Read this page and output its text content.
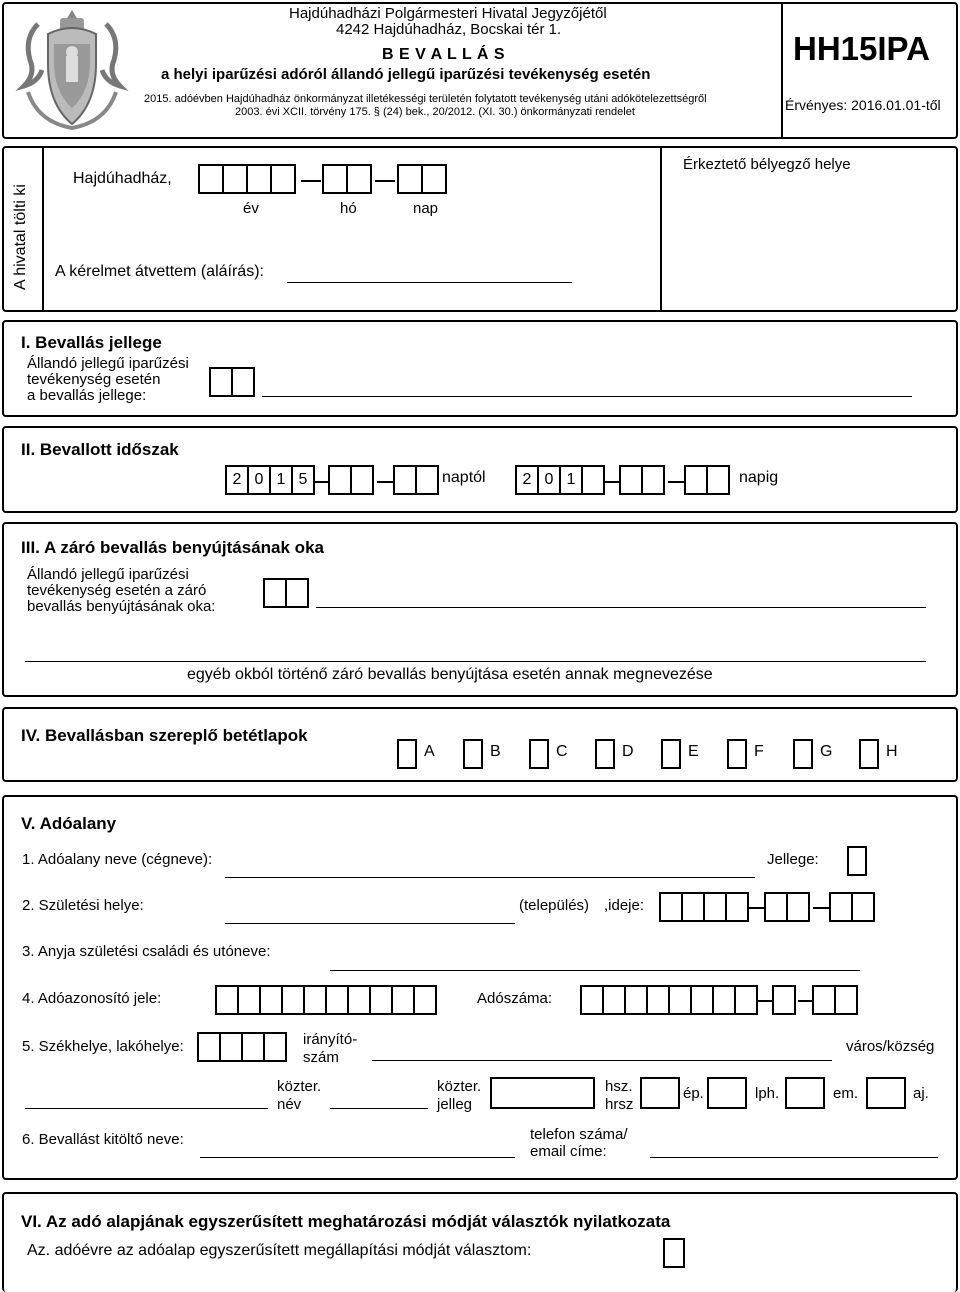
Hajdúhadházi Polgármesteri Hivatal Jegyzőjétől
4242 Hajdúhadház, Bocskai tér 1.
B E V A L L Á S
a helyi iparűzési adóról állandó jellegű iparűzési tevékenység esetén
2015. adóévben Hajdúhadház önkormányzat illetékességi területén folytatott tevékenység utáni adókötelezettségről
2003. évi XCII. törvény 175. § (24) bek., 20/2012. (XI. 30.) önkormányzati rendelet
HH15IPA
Érvényes: 2016.01.01-től
A hivatal tölti ki
Hajdúhadház,
év	hó	nap
A kérelmet átvettem (aláírás):
Érkeztető bélyegző helye
I. Bevallás jellege
Állandó jellegű iparűzési
tevékenység esetén
a bevallás jellege:
II. Bevallott időszak
2 0 1 5	naptól	2 0 1	napig
III. A záró bevallás benyújtásának oka
Állandó jellegű iparűzési
tevékenység esetén a záró
bevallás benyújtásának oka:
egyéb okból történő záró bevallás benyújtása esetén annak megnevezése
IV. Bevallásban szereplő betétlapok
A	B	C	D	E	F	G	H
V. Adóalany
1. Adóalany neve (cégneve):	Jellege:
2. Születési helye:	(település) ,ideje:
3. Anyja születési családi és utóneve:
4. Adóazonosító jele:	Adószáma:
5. Székhelye, lakóhelye:	irányító-
szám
város/község
közter.
név
közter.
jelleg
hsz.
hrsz
ép.	lph.	em.	aj.
6. Bevallást kitöltő neve:	telefon száma/
email címe:
VI. Az adó alapjának egyszerűsített meghatározási módját választók nyilatkozata
Az. adóévre az adóalap egyszerűsített megállapítási módját választom:
